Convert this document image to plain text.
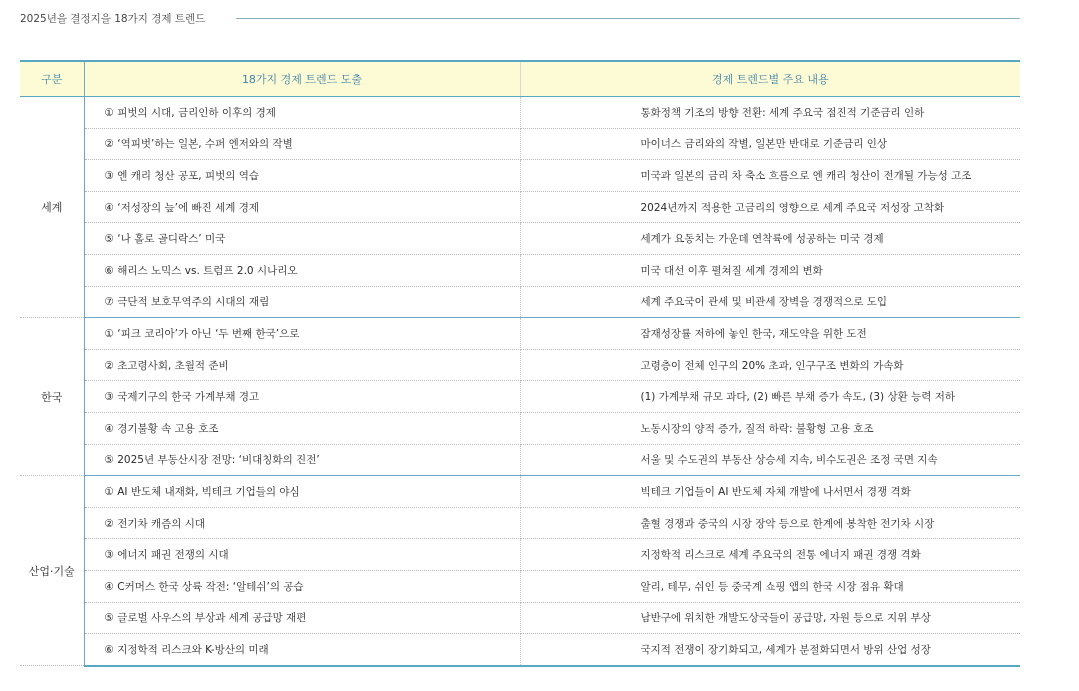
2025년을 결정지을 18가지 경제 트렌드
구분	18가지 경제 트렌드 도출	경제 트렌드별 주요 내용
세계	① 피벗의 시대, 금리인하 이후의 경제	통화정책 기조의 방향 전환: 세계 주요국 점진적 기준금리 인하
	② ‘역피벗’하는 일본, 수퍼 엔저와의 작별	마이너스 금리와의 작별, 일본만 반대로 기준금리 인상
	③ 엔 캐리 청산 공포, 피벗의 역습	미국과 일본의 금리 차 축소 흐름으로 엔 캐리 청산이 전개될 가능성 고조
	④ ‘저성장의 늪’에 빠진 세계 경제	2024년까지 적용한 고금리의 영향으로 세계 주요국 저성장 고착화
	⑤ ‘나 홀로 골디락스’ 미국	세계가 요동치는 가운데 연착륙에 성공하는 미국 경제
	⑥ 해리스 노믹스 vs. 트럼프 2.0 시나리오	미국 대선 이후 펼쳐질 세계 경제의 변화
	⑦ 극단적 보호무역주의 시대의 재림	세계 주요국이 관세 및 비관세 장벽을 경쟁적으로 도입
한국	① ‘피크 코리아’가 아닌 ‘두 번째 한국’으로	잠재성장률 저하에 놓인 한국, 재도약을 위한 도전
	② 초고령사회, 초월적 준비	고령층이 전체 인구의 20% 초과, 인구구조 변화의 가속화
	③ 국제기구의 한국 가계부채 경고	(1) 가계부채 규모 과다, (2) 빠른 부채 증가 속도, (3) 상환 능력 저하
	④ 경기불황 속 고용 호조	노동시장의 양적 증가, 질적 하락: 불황형 고용 호조
	⑤ 2025년 부동산시장 전망: ‘비대칭화의 진전’	서울 및 수도권의 부동산 상승세 지속, 비수도권은 조정 국면 지속
산업·기술	① AI 반도체 내재화, 빅테크 기업들의 야심	빅테크 기업들이 AI 반도체 자체 개발에 나서면서 경쟁 격화
	② 전기차 캐즘의 시대	출혈 경쟁과 중국의 시장 장악 등으로 한계에 봉착한 전기차 시장
	③ 에너지 패권 전쟁의 시대	지정학적 리스크로 세계 주요국의 전통 에너지 패권 경쟁 격화
	④ C커머스 한국 상륙 작전: ‘알테쉬’의 공습	알리, 테무, 쉬인 등 중국계 쇼핑 앱의 한국 시장 점유 확대
	⑤ 글로벌 사우스의 부상과 세계 공급망 재편	남반구에 위치한 개발도상국들이 공급망, 자원 등으로 지위 부상
	⑥ 지정학적 리스크와 K-방산의 미래	국지적 전쟁이 장기화되고, 세계가 분절화되면서 방위 산업 성장
